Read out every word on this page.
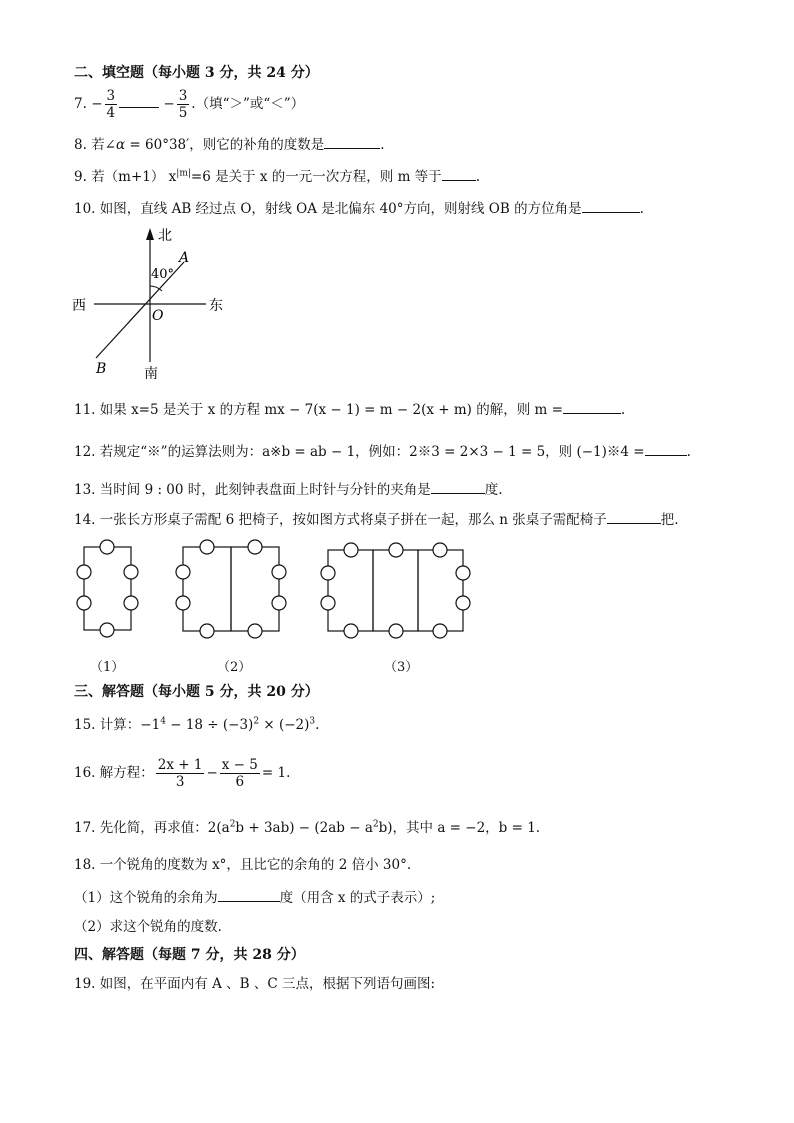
二、填空题（每小题 3 分，共 24 分）
7. − $\frac{3}{4}$	− $\frac{3}{5}$ .（填“＞”或“＜”）
8. 若∠α = 60°38′，则它的补角的度数是	.
9. 若（m+1） $x^{|m|}=6$ 是关于 x 的一元一次方程，则 m 等于	.
10. 如图，直线 AB 经过点 O，射线 OA 是北偏东 40°方向，则射线 OB 的方位角是	.
北
南
东
西
A
B
O
40°
11. 如果 x=5 是关于 x 的方程 mx − 7(x − 1) = m − 2(x + m) 的解，则 m =	.
12. 若规定“※”的运算法则为：a※b = ab − 1，例如：2※3 = 2×3 − 1 = 5，则 (−1)※4 =	.
13. 当时间 9 : 00 时，此刻钟表盘面上时针与分针的夹角是	度.
14. 一张长方形桌子需配 6 把椅子，按如图方式将桌子拼在一起，那么 n 张桌子需配椅子	把.
（1）	（2）	（3）
三、解答题（每小题 5 分，共 20 分）
15. 计算：$-1^4 - 18 \div (-3)^2 \times (-2)^3$.
16. 解方程： $\frac{2x + 1}{3} - \frac{x - 5}{6} = 1$.
17. 先化简，再求值：$2(a^2b + 3ab) - (2ab - a^2b)$，其中 a = −2，b = 1.
18. 一个锐角的度数为 x°，且比它的余角的 2 倍小 30°.
（1）这个锐角的余角为	度（用含 x 的式子表示）;
（2）求这个锐角的度数.
四、解答题（每题 7 分，共 28 分）
19. 如图，在平面内有 A 、B 、C 三点，根据下列语句画图:
